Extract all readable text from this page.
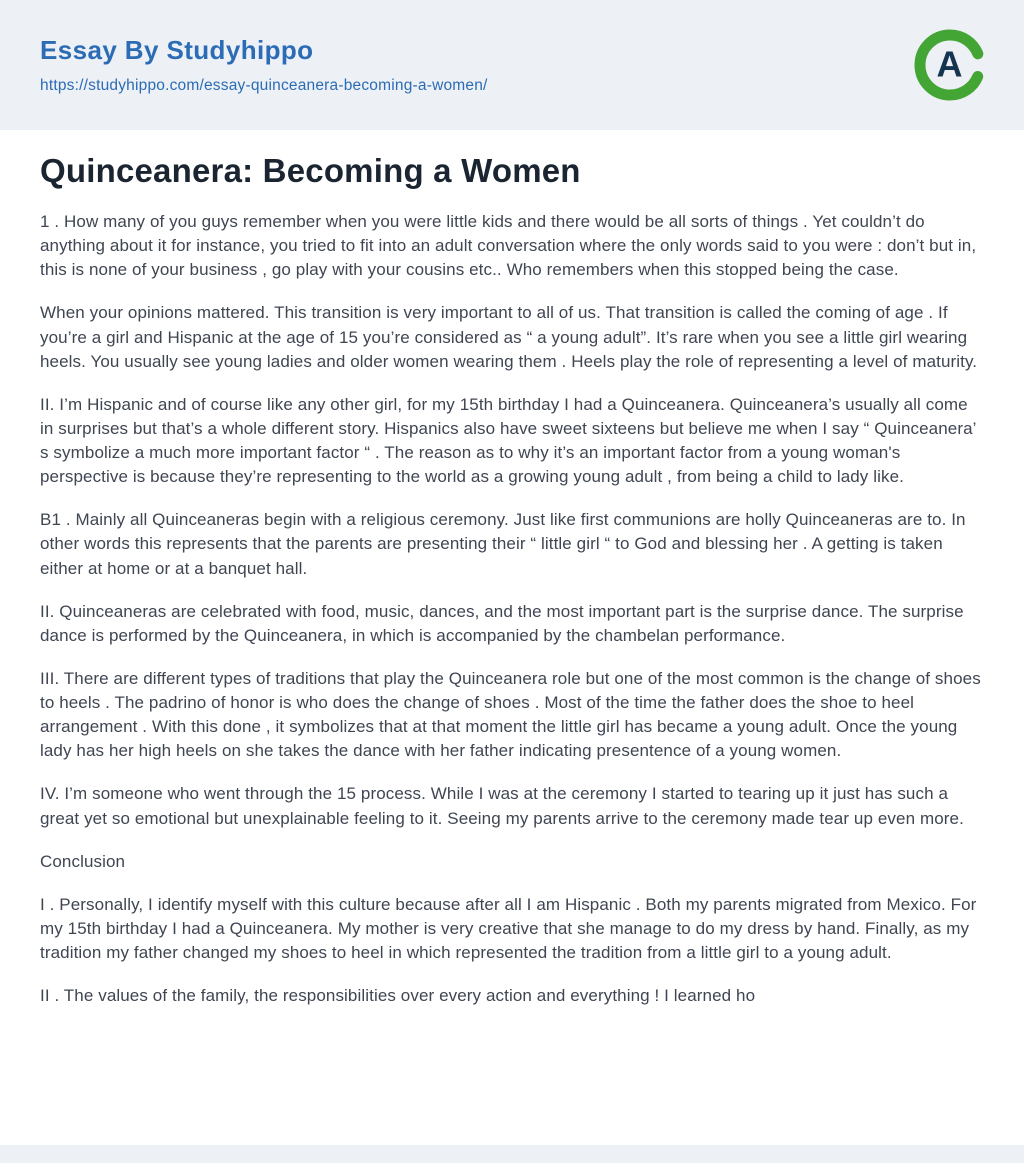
Essay By Studyhippo
https://studyhippo.com/essay-quinceanera-becoming-a-women/
A
Quinceanera: Becoming a Women

1 . How many of you guys remember when you were little kids and there would be all sorts of things . Yet couldn’t do anything about it for instance, you tried to fit into an adult conversation where the only words said to you were : don’t but in, this is none of your business , go play with your cousins etc.. Who remembers when this stopped being the case.

When your opinions mattered. This transition is very important to all of us. That transition is called the coming of age . If you’re a girl and Hispanic at the age of 15 you’re considered as “ a young adult”. It’s rare when you see a little girl wearing heels. You usually see young ladies and older women wearing them . Heels play the role of representing a level of maturity.

II. I’m Hispanic and of course like any other girl, for my 15th birthday I had a Quinceanera. Quinceanera’s usually all come in surprises but that’s a whole different story. Hispanics also have sweet sixteens but believe me when I say “ Quinceanera’ s symbolize a much more important factor “ . The reason as to why it’s an important factor from a young woman's perspective is because they’re representing to the world as a growing young adult , from being a child to lady like.

B1 . Mainly all Quinceaneras begin with a religious ceremony. Just like first communions are holly Quinceaneras are to. In other words this represents that the parents are presenting their “ little girl “ to God and blessing her . A getting is taken either at home or at a banquet hall.

II. Quinceaneras are celebrated with food, music, dances, and the most important part is the surprise dance. The surprise dance is performed by the Quinceanera, in which is accompanied by the chambelan performance.

III. There are different types of traditions that play the Quinceanera role but one of the most common is the change of shoes to heels . The padrino of honor is who does the change of shoes . Most of the time the father does the shoe to heel arrangement . With this done , it symbolizes that at that moment the little girl has became a young adult. Once the young lady has her high heels on she takes the dance with her father indicating presentence of a young women.

IV. I’m someone who went through the 15 process. While I was at the ceremony I started to tearing up it just has such a great yet so emotional but unexplainable feeling to it. Seeing my parents arrive to the ceremony made tear up even more.

Conclusion

I . Personally, I identify myself with this culture because after all I am Hispanic . Both my parents migrated from Mexico. For my 15th birthday I had a Quinceanera. My mother is very creative that she manage to do my dress by hand. Finally, as my tradition my father changed my shoes to heel in which represented the tradition from a little girl to a young adult.

II . The values of the family, the responsibilities over every action and everything ! I learned ho
